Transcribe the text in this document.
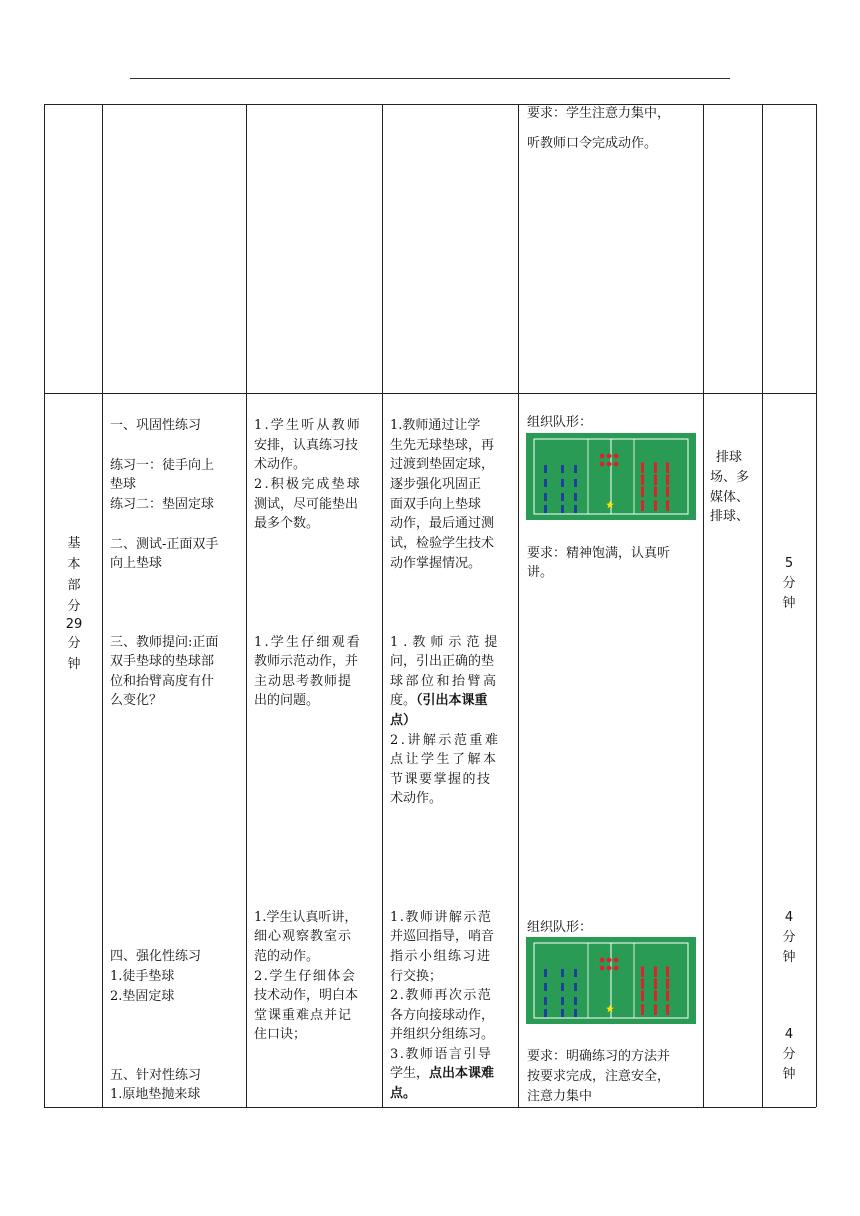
要求：学生注意力集中，
听教师口令完成动作。
基
本
部
分
29
分
钟
一、巩固性练习
练习一：徒手向上
垫球
练习二：垫固定球
二、测试-正面双手
向上垫球
三、教师提问:正面
双手垫球的垫球部
位和抬臂高度有什
么变化？
四、强化性练习
1.徒手垫球
2.垫固定球
五、针对性练习
1.原地垫抛来球
1.学生听从教师
安排，认真练习技
术动作。
2.积极完成垫球
测试，尽可能垫出
最多个数。
1.学生仔细观看
教师示范动作，并
主动思考教师提
出的问题。
1.学生认真听讲，
细心观察教室示
范的动作。
2.学生仔细体会
技术动作，明白本
堂课重难点并记
住口诀；
1.教师通过让学
生先无球垫球，再
过渡到垫固定球，
逐步强化巩固正
面双手向上垫球
动作，最后通过测
试，检验学生技术
动作掌握情况。
1.教师示范提
问，引出正确的垫
球部位和抬臂高
度。（引出本课重
点）
2.讲解示范重难
点让学生了解本
节课要掌握的技
术动作。
1.教师讲解示范
并巡回指导，哨音
指示小组练习进
行交换；
2.教师再次示范
各方向接球动作，
并组织分组练习。
3.教师语言引导
学生，点出本课难
点。
组织队形：
要求：精神饱满，认真听
讲。
组织队形：
要求：明确练习的方法并
按要求完成，注意安全，
注意力集中
排球
场、多
媒体、
排球、
5
分
钟
4
分
钟
4
分
钟
